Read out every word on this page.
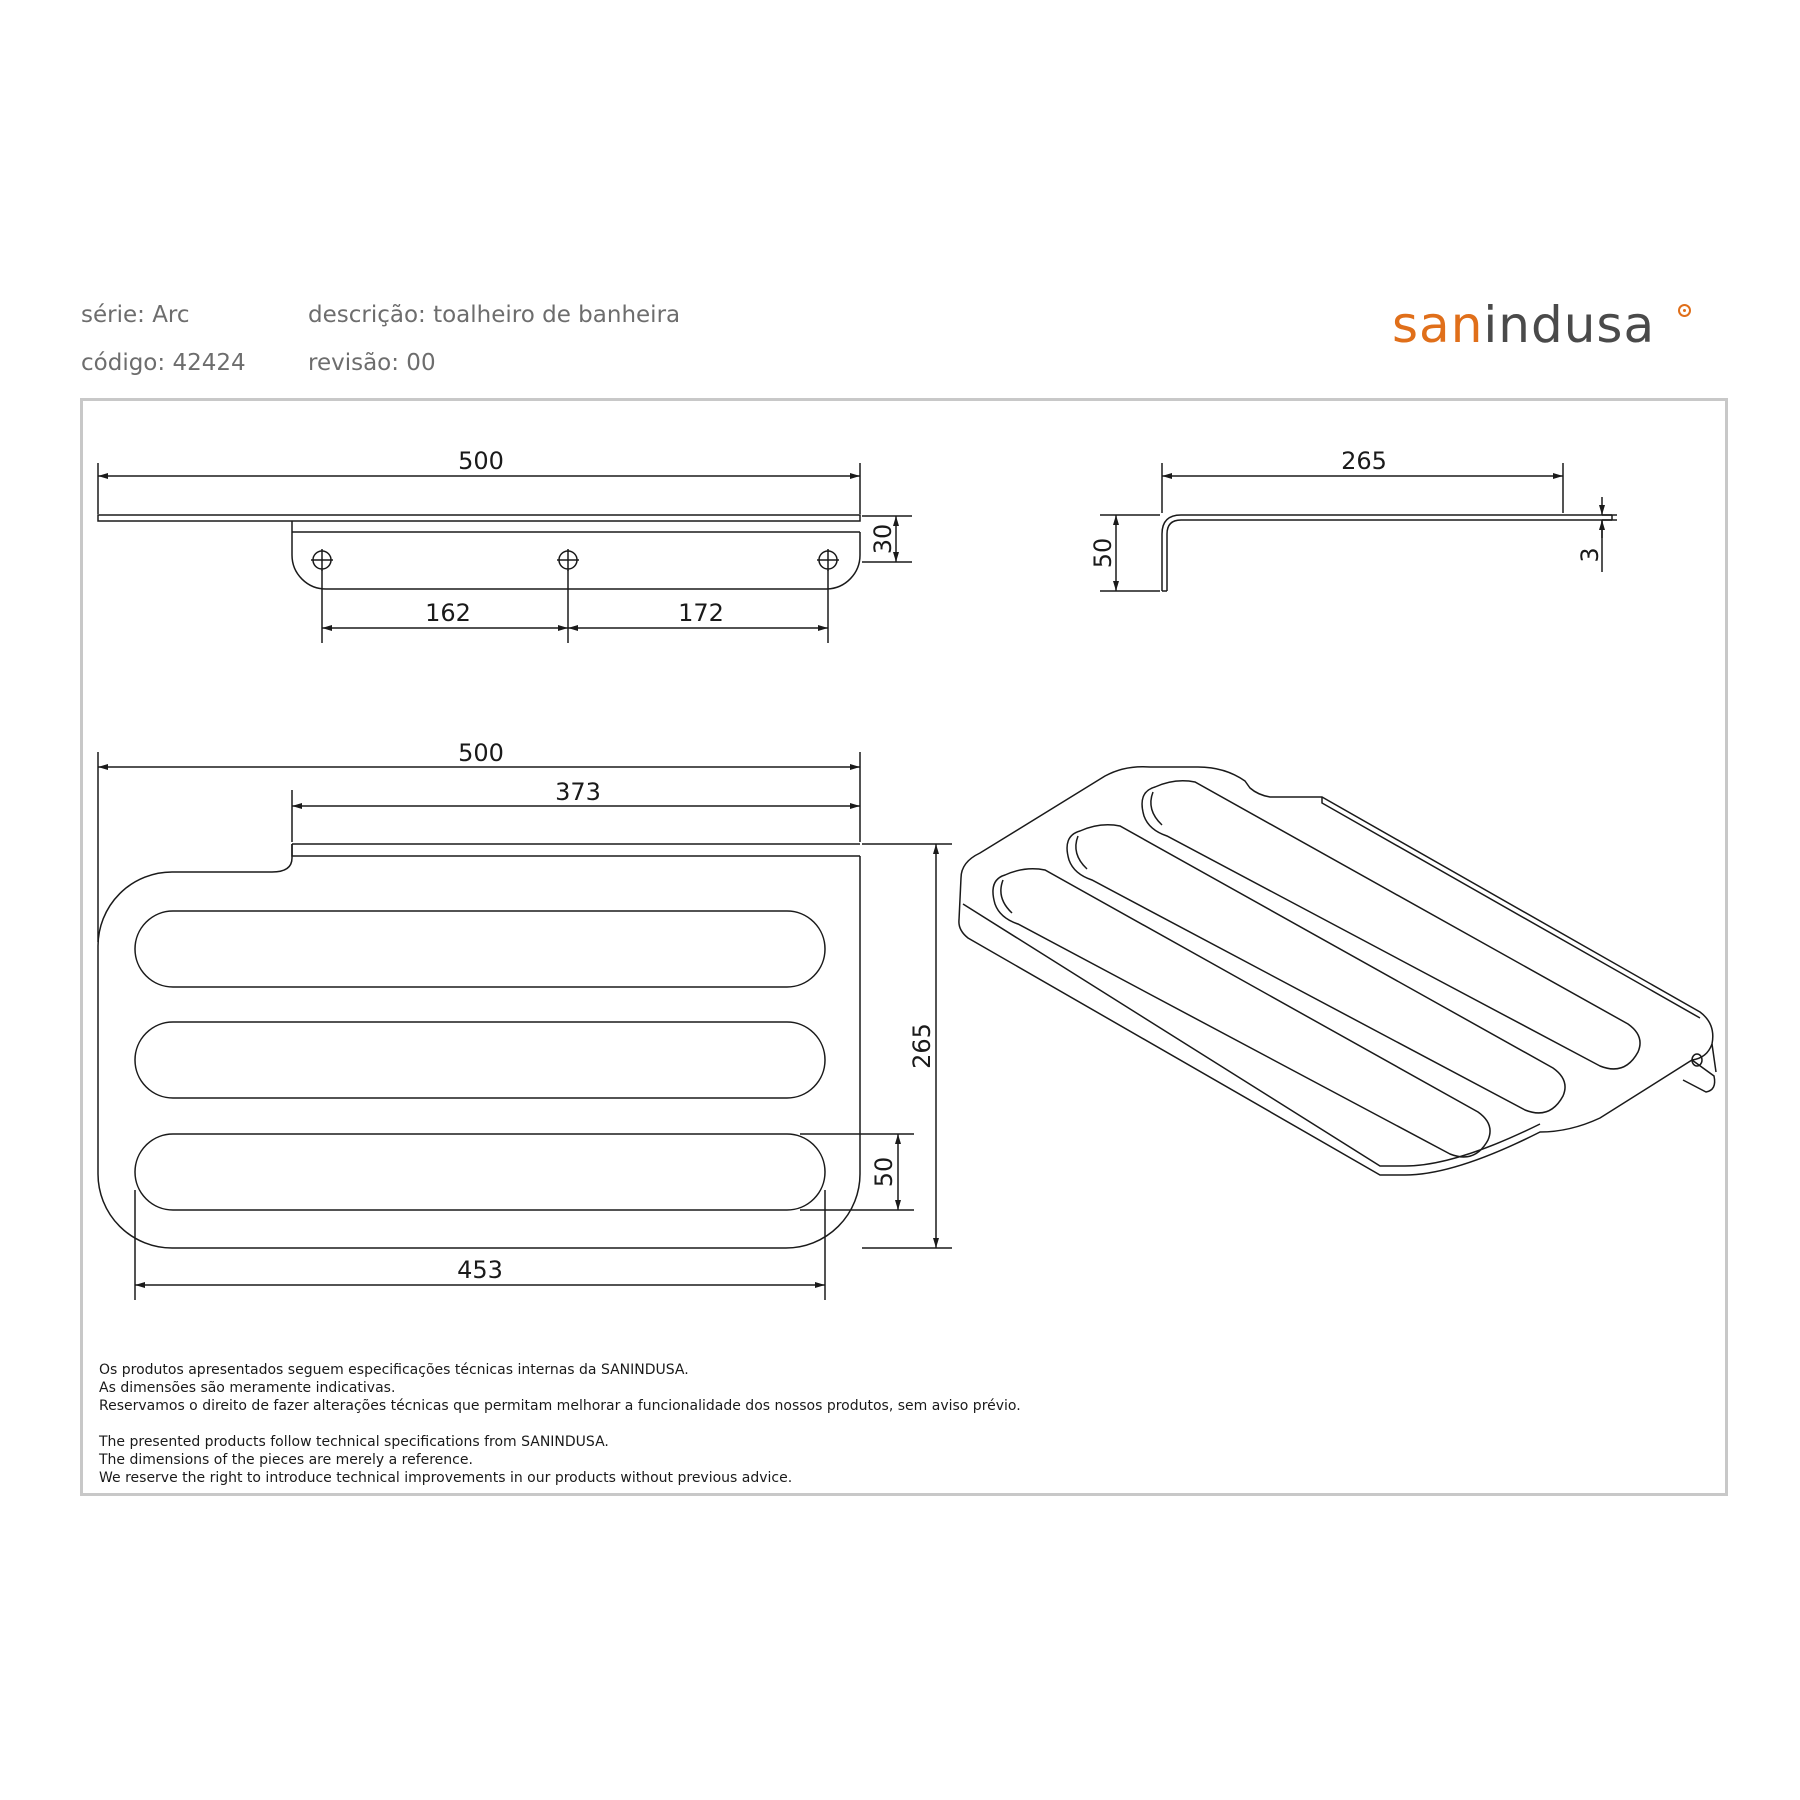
série: Arc
código: 42424
descrição: toalheiro de banheira
revisão: 00
sanindusa
500
30
162	172
265
50	3
500
373
265
50
453
Os produtos apresentados seguem especificações técnicas internas da SANINDUSA.
As dimensões são meramente indicativas.
Reservamos o direito de fazer alterações técnicas que permitam melhorar a funcionalidade dos nossos produtos, sem aviso prévio.
The presented products follow technical specifications from SANINDUSA.
The dimensions of the pieces are merely a reference.
We reserve the right to introduce technical improvements in our products without previous advice.
